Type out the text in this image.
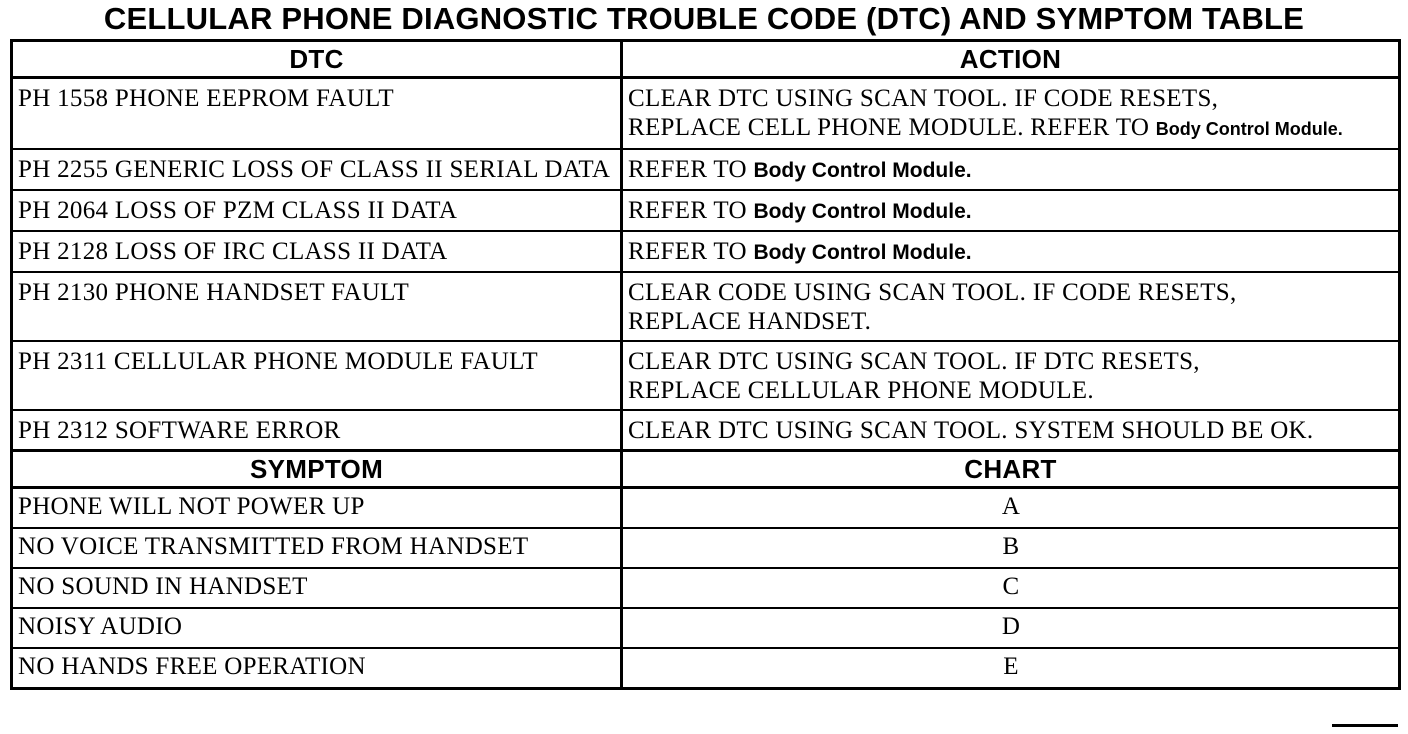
CELLULAR PHONE DIAGNOSTIC TROUBLE CODE (DTC) AND SYMPTOM TABLE
DTC	ACTION
PH 1558 PHONE EEPROM FAULT	CLEAR DTC USING SCAN TOOL. IF CODE RESETS,
REPLACE CELL PHONE MODULE. REFER TO Body Control Module.
PH 2255 GENERIC LOSS OF CLASS II SERIAL DATA	REFER TO Body Control Module.
PH 2064 LOSS OF PZM CLASS II DATA	REFER TO Body Control Module.
PH 2128 LOSS OF IRC CLASS II DATA	REFER TO Body Control Module.
PH 2130 PHONE HANDSET FAULT	CLEAR CODE USING SCAN TOOL. IF CODE RESETS,
REPLACE HANDSET.
PH 2311 CELLULAR PHONE MODULE FAULT	CLEAR DTC USING SCAN TOOL. IF DTC RESETS,
REPLACE CELLULAR PHONE MODULE.
PH 2312 SOFTWARE ERROR	CLEAR DTC USING SCAN TOOL. SYSTEM SHOULD BE OK.
SYMPTOM	CHART
PHONE WILL NOT POWER UP	A
NO VOICE TRANSMITTED FROM HANDSET	B
NO SOUND IN HANDSET	C
NOISY AUDIO	D
NO HANDS FREE OPERATION	E
